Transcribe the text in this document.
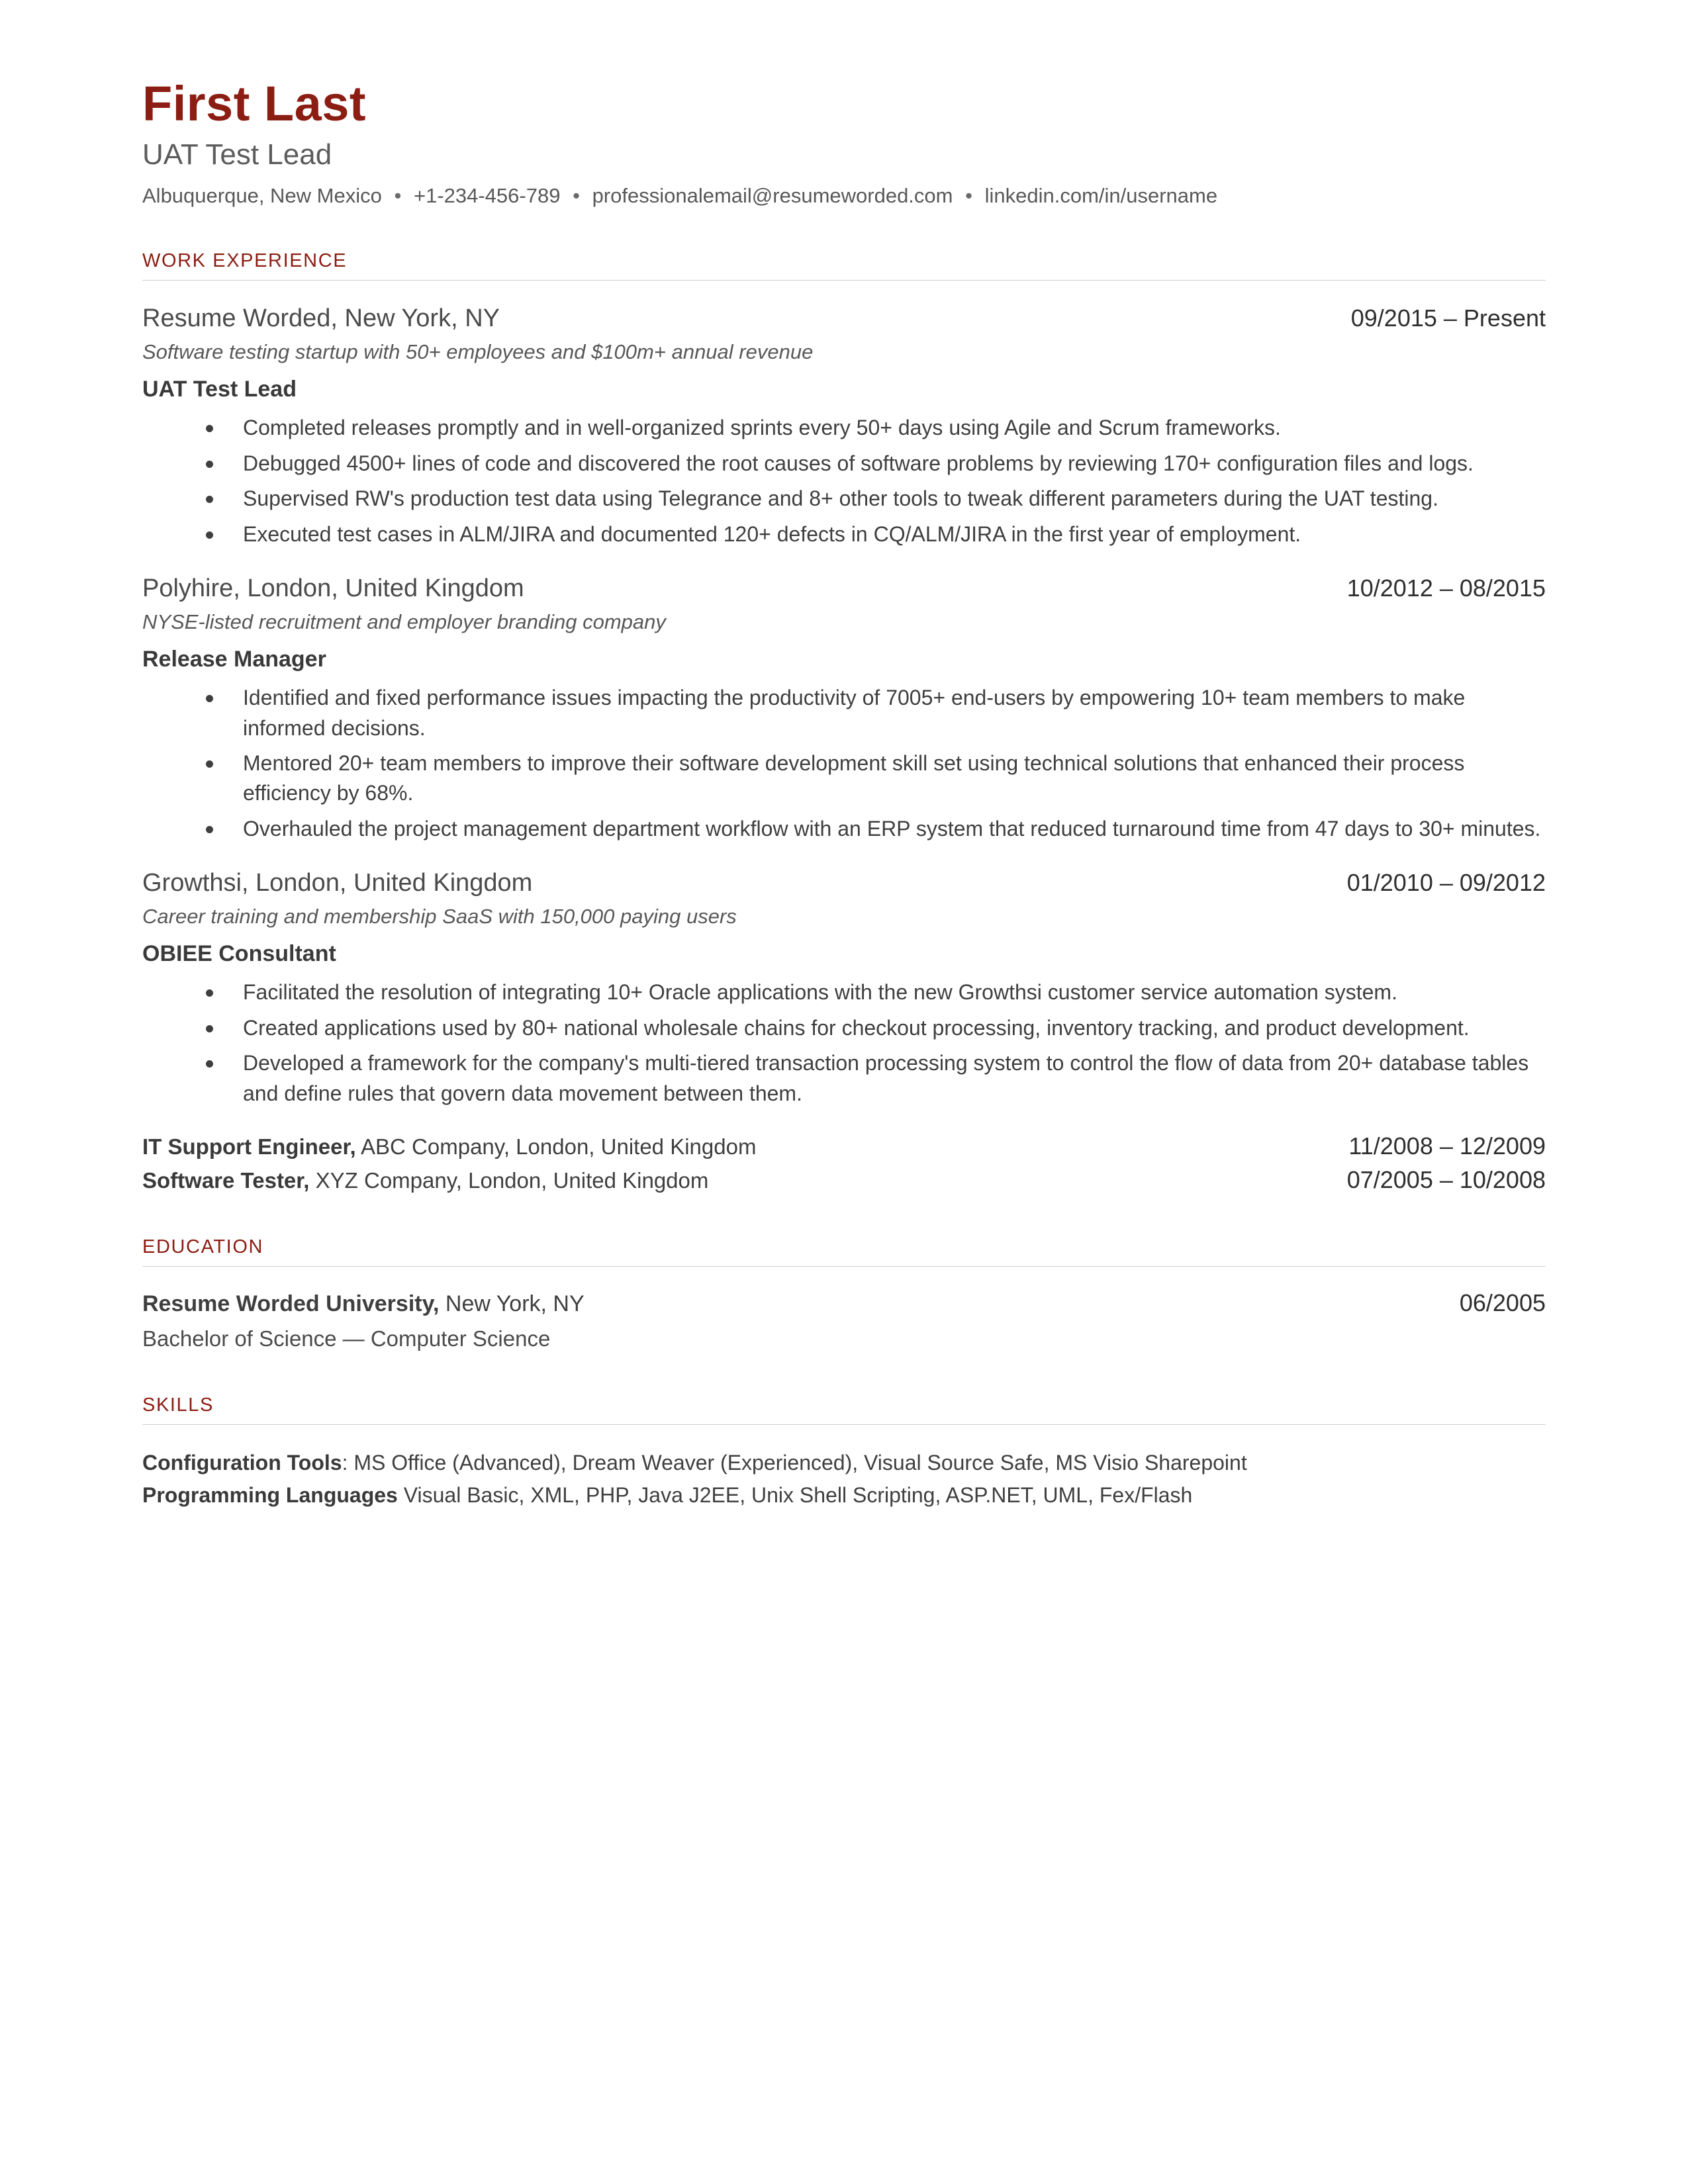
First Last
UAT Test Lead
Albuquerque, New Mexico • +1-234-456-789 • professionalemail@resumeworded.com • linkedin.com/in/username
WORK EXPERIENCE
Resume Worded, New York, NY	09/2015 – Present
Software testing startup with 50+ employees and $100m+ annual revenue
UAT Test Lead
Completed releases promptly and in well-organized sprints every 50+ days using Agile and Scrum frameworks.
Debugged 4500+ lines of code and discovered the root causes of software problems by reviewing 170+ configuration files and logs.
Supervised RW's production test data using Telegrance and 8+ other tools to tweak different parameters during the UAT testing.
Executed test cases in ALM/JIRA and documented 120+ defects in CQ/ALM/JIRA in the first year of employment.
Polyhire, London, United Kingdom	10/2012 – 08/2015
NYSE-listed recruitment and employer branding company
Release Manager
Identified and fixed performance issues impacting the productivity of 7005+ end-users by empowering 10+ team members to make informed decisions.
Mentored 20+ team members to improve their software development skill set using technical solutions that enhanced their process efficiency by 68%.
Overhauled the project management department workflow with an ERP system that reduced turnaround time from 47 days to 30+ minutes.
Growthsi, London, United Kingdom	01/2010 – 09/2012
Career training and membership SaaS with 150,000 paying users
OBIEE Consultant
Facilitated the resolution of integrating 10+ Oracle applications with the new Growthsi customer service automation system.
Created applications used by 80+ national wholesale chains for checkout processing, inventory tracking, and product development.
Developed a framework for the company's multi-tiered transaction processing system to control the flow of data from 20+ database tables and define rules that govern data movement between them.
IT Support Engineer, ABC Company, London, United Kingdom	11/2008 – 12/2009
Software Tester, XYZ Company, London, United Kingdom	07/2005 – 10/2008
EDUCATION
Resume Worded University, New York, NY	06/2005
Bachelor of Science — Computer Science
SKILLS
Configuration Tools: MS Office (Advanced), Dream Weaver (Experienced), Visual Source Safe, MS Visio Sharepoint
Programming Languages Visual Basic, XML, PHP, Java J2EE, Unix Shell Scripting, ASP.NET, UML, Fex/Flash
